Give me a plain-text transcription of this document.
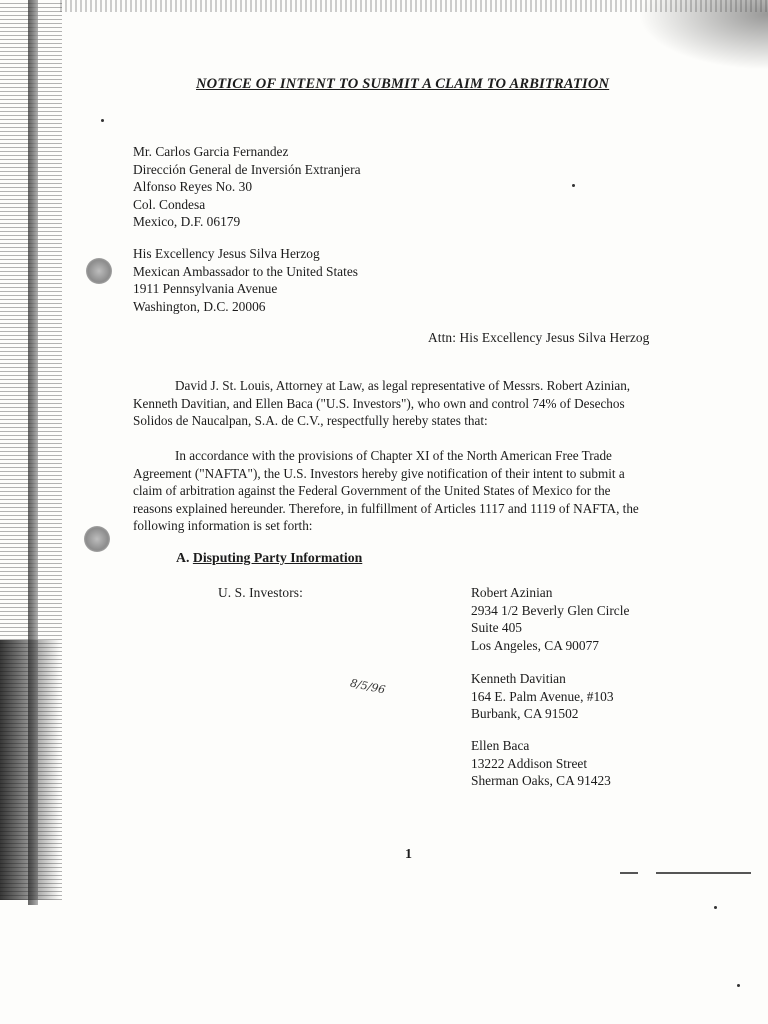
NOTICE OF INTENT TO SUBMIT A CLAIM TO ARBITRATION
Mr. Carlos Garcia Fernandez
Dirección General de Inversión Extranjera
Alfonso Reyes No. 30
Col. Condesa
Mexico, D.F. 06179
His Excellency Jesus Silva Herzog
Mexican Ambassador to the United States
1911 Pennsylvania Avenue
Washington, D.C. 20006
Attn: His Excellency Jesus Silva Herzog
David J. St. Louis, Attorney at Law, as legal representative of Messrs. Robert Azinian,
Kenneth Davitian, and Ellen Baca ("U.S. Investors"), who own and control 74% of Desechos
Solidos de Naucalpan, S.A. de C.V., respectfully hereby states that:
In accordance with the provisions of Chapter XI of the North American Free Trade
Agreement ("NAFTA"), the U.S. Investors hereby give notification of their intent to submit a
claim of arbitration against the Federal Government of the United States of Mexico for the
reasons explained hereunder. Therefore, in fulfillment of Articles 1117 and 1119 of NAFTA, the
following information is set forth:
A. Disputing Party Information
U. S. Investors:	Robert Azinian
2934 1/2 Beverly Glen Circle
Suite 405
Los Angeles, CA 90077
Kenneth Davitian
164 E. Palm Avenue, #103
Burbank, CA 91502
Ellen Baca
13222 Addison Street
Sherman Oaks, CA 91423
8/5/96
1
